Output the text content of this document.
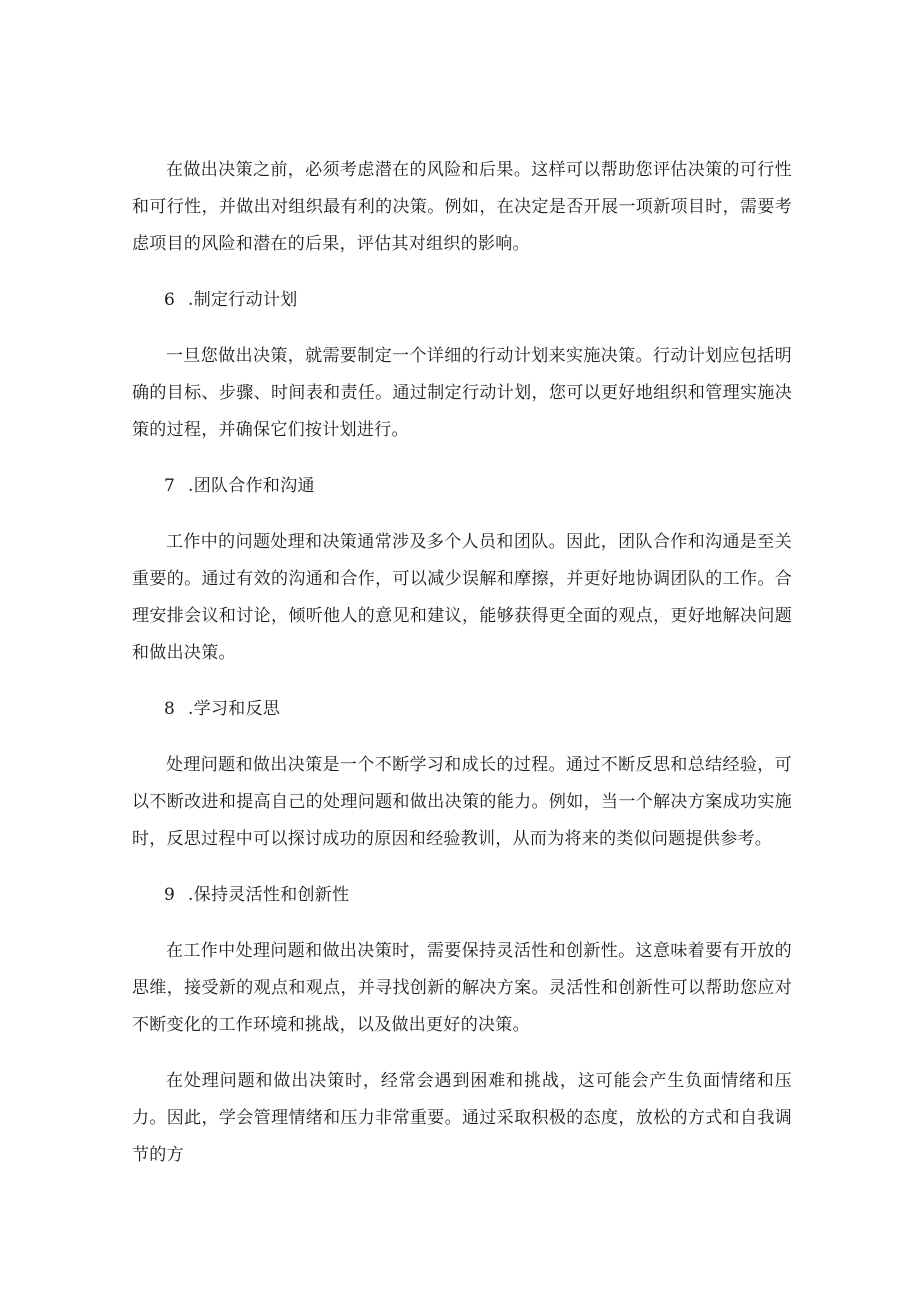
在做出决策之前，必须考虑潜在的风险和后果。这样可以帮助您评估决策的可行性和可行性，并做出对组织最有利的决策。例如，在决定是否开展一项新项目时，需要考虑项目的风险和潜在的后果，评估其对组织的影响。

6 .制定行动计划

一旦您做出决策，就需要制定一个详细的行动计划来实施决策。行动计划应包括明确的目标、步骤、时间表和责任。通过制定行动计划，您可以更好地组织和管理实施决策的过程，并确保它们按计划进行。

7 .团队合作和沟通

工作中的问题处理和决策通常涉及多个人员和团队。因此，团队合作和沟通是至关重要的。通过有效的沟通和合作，可以减少误解和摩擦，并更好地协调团队的工作。合理安排会议和讨论，倾听他人的意见和建议，能够获得更全面的观点，更好地解决问题和做出决策。

8 .学习和反思

处理问题和做出决策是一个不断学习和成长的过程。通过不断反思和总结经验，可以不断改进和提高自己的处理问题和做出决策的能力。例如，当一个解决方案成功实施时，反思过程中可以探讨成功的原因和经验教训，从而为将来的类似问题提供参考。

9 .保持灵活性和创新性

在工作中处理问题和做出决策时，需要保持灵活性和创新性。这意味着要有开放的思维，接受新的观点和观点，并寻找创新的解决方案。灵活性和创新性可以帮助您应对不断变化的工作环境和挑战，以及做出更好的决策。

在处理问题和做出决策时，经常会遇到困难和挑战，这可能会产生负面情绪和压力。因此，学会管理情绪和压力非常重要。通过采取积极的态度，放松的方式和自我调节的方
